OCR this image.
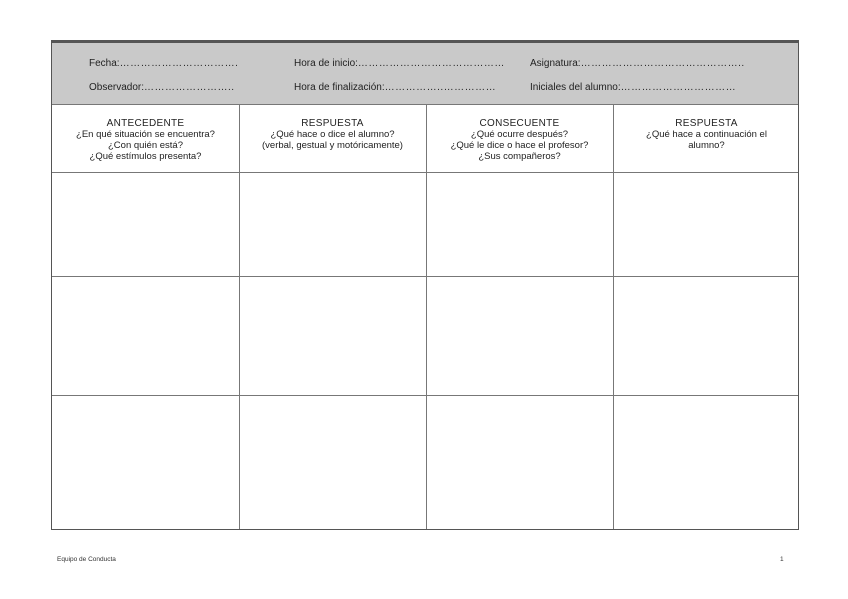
Fecha:…………………………….	Hora de inicio:……………………………………	Asignatura:………………………………………..
Observador:……………………..	Hora de finalización:……………..……………	Iniciales del alumno:……………………………
ANTECEDENTE
¿En qué situación se encuentra?
¿Con quién está?
¿Qué estímulos presenta?
RESPUESTA
¿Qué hace o dice el alumno?
(verbal, gestual y motóricamente)
CONSECUENTE
¿Qué ocurre después?
¿Qué le dice o hace el profesor?
¿Sus compañeros?
RESPUESTA
¿Qué hace a continuación el
alumno?
Equipo de Conducta	1
